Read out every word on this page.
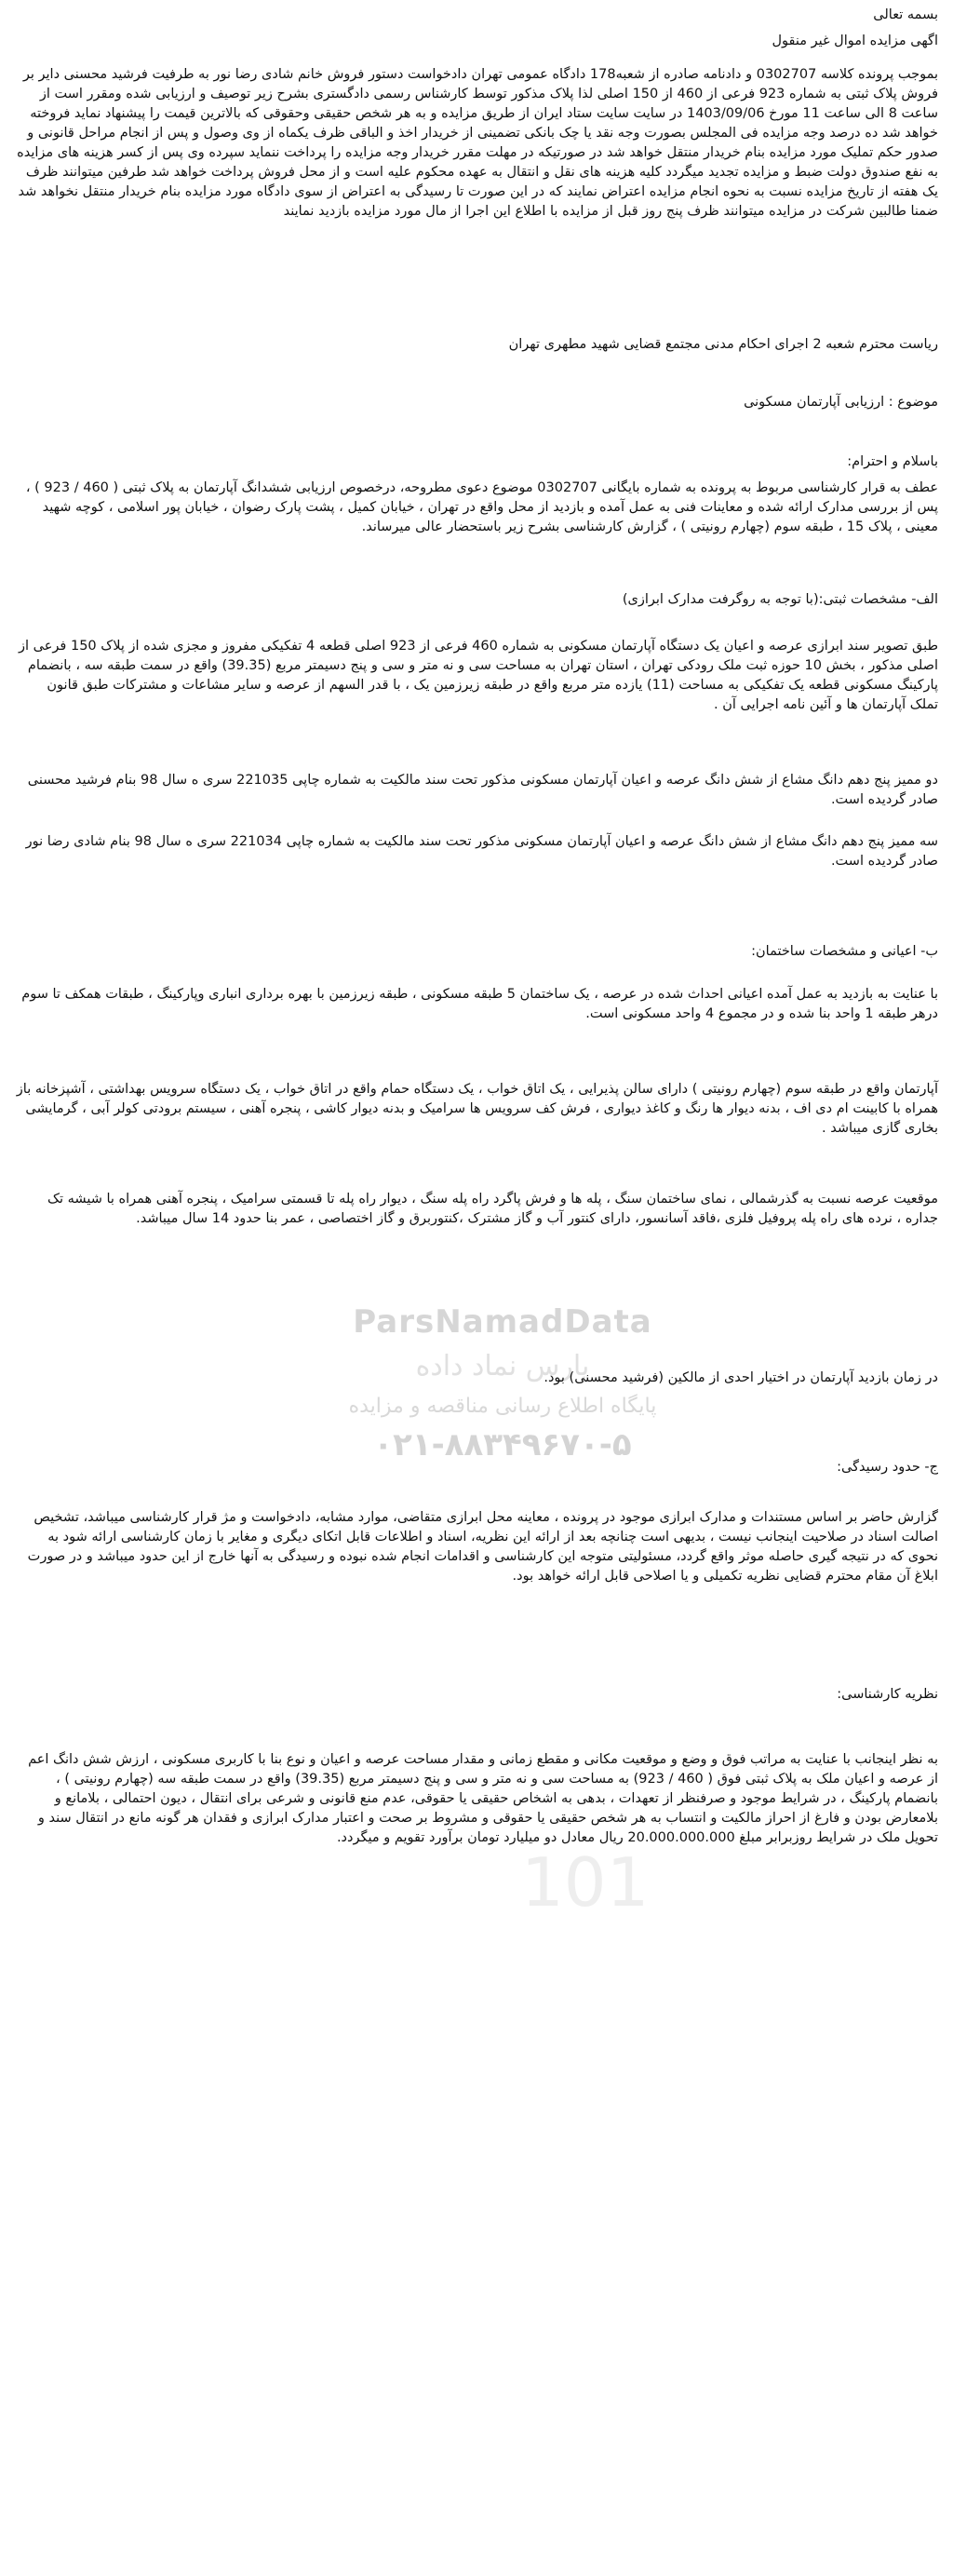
ParsNamadData
پارس نماد داده
پایگاه اطلاع رسانی مناقصه و مزایده
۰۲۱-۸۸۳۴۹۶۷۰-۵
101

بسمه تعالی

اگهی مزایده اموال غیر منقول

بموجب پرونده کلاسه 0302707 و دادنامه صادره از شعبه178 دادگاه عمومی تهران دادخواست دستور فروش خانم شادی رضا نور به طرفیت فرشید محسنی دایر بر فروش پلاک ثبتی به شماره 923 فرعی از 460 از 150 اصلی لذا پلاک مذکور توسط کارشناس رسمی دادگستری بشرح زیر توصیف و ارزیابی شده ومقرر است از ساعت 8 الی ساعت 11 مورخ 1403/09/06 در سایت سایت ستاد ایران از طریق مزایده و به هر شخص حقیقی وحقوقی که بالاترین قیمت را پیشنهاد نماید فروخته خواهد شد ده درصد وجه مزایده فی المجلس بصورت وجه نقد یا چک بانکی تضمینی از خریدار اخذ و الباقی ظرف یکماه از وی وصول و پس از انجام مراحل قانونی و صدور حکم تملیک مورد مزایده بنام خریدار منتقل خواهد شد در صورتیکه در مهلت مقرر خریدار وجه مزایده را پرداخت ننماید سپرده وی پس از کسر هزینه های مزایده به نفع صندوق دولت ضبط و مزایده تجدید میگردد کلیه هزینه های نقل و انتقال به عهده محکوم علیه است و از محل فروش پرداخت خواهد شد طرفین میتوانند ظرف یک هفته از تاریخ مزایده نسبت به نحوه انجام مزایده اعتراض نمایند که در این صورت تا رسیدگی به اعتراض از سوی دادگاه مورد مزایده بنام خریدار منتقل نخواهد شد ضمنا طالبین شرکت در مزایده میتوانند ظرف پنج روز قبل از مزایده با اطلاع این اجرا از مال مورد مزایده بازدید نمایند

ریاست محترم شعبه 2 اجرای احکام مدنی مجتمع قضایی شهید مطهری تهران

موضوع : ارزیابی آپارتمان مسکونی

باسلام و احترام:

عطف به قرار کارشناسی مربوط به پرونده به شماره بایگانی 0302707 موضوع دعوی مطروحه، درخصوص ارزیابی ششدانگ آپارتمان به پلاک ثبتی ( 460 / 923 ) ، پس از بررسی مدارک ارائه شده و معاینات فنی به عمل آمده و بازدید از محل واقع در تهران ، خیابان کمیل ، پشت پارک رضوان ، خیابان پور اسلامی ، کوچه شهید معینی ، پلاک 15 ، طبقه سوم (چهارم رونیتی ) ، گزارش کارشناسی بشرح زیر باستحضار عالی میرساند.

الف- مشخصات ثبتی:(با توجه به روگرفت مدارک ابرازی)

طبق تصویر سند ابرازی عرصه و اعیان یک دستگاه آپارتمان مسکونی به شماره 460 فرعی از 923 اصلی قطعه 4 تفکیکی مفروز و مجزی شده از پلاک 150 فرعی از اصلی مذکور ، بخش 10 حوزه ثبت ملک رودکی تهران ، استان تهران به مساحت سی و نه متر و سی و پنج دسیمتر مربع (39.35) واقع در سمت طبقه سه ، بانضمام پارکینگ مسکونی قطعه یک تفکیکی به مساحت (11) یازده متر مربع واقع در طبقه زیرزمین یک ، با قدر السهم از عرصه و سایر مشاعات و مشترکات طبق قانون تملک آپارتمان ها و آئین نامه اجرایی آن .

دو ممیز پنج دهم دانگ مشاع از شش دانگ عرصه و اعیان آپارتمان مسکونی مذکور تحت سند مالکیت به شماره چاپی 221035 سری ه سال 98 بنام فرشید محسنی صادر گردیده است.

سه ممیز پنج دهم دانگ مشاع از شش دانگ عرصه و اعیان آپارتمان مسکونی مذکور تحت سند مالکیت به شماره چاپی 221034 سری ه سال 98 بنام شادی رضا نور صادر گردیده است.

ب- اعیانی و مشخصات ساختمان:

با عنایت به بازدید به عمل آمده اعیانی احداث شده در عرصه ، یک ساختمان 5 طبقه مسکونی ، طبقه زیرزمین با بهره برداری انباری وپارکینگ ، طبقات همکف تا سوم درهر طبقه 1 واحد بنا شده و در مجموع 4 واحد مسکونی است.

آپارتمان واقع در طبقه سوم (چهارم رونیتی ) دارای سالن پذیرایی ، یک اتاق خواب ، یک دستگاه حمام واقع در اتاق خواب ، یک دستگاه سرویس بهداشتی ، آشپزخانه باز همراه با کابینت ام دی اف ، بدنه دیوار ها رنگ و کاغذ دیواری ، فرش کف سرویس ها سرامیک و بدنه دیوار کاشی ، پنجره آهنی ، سیستم برودتی کولر آبی ، گرمایشی بخاری گازی میباشد .

موقعیت عرصه نسبت به گذرشمالی ، نمای ساختمان سنگ ، پله ها و فرش پاگرد راه پله سنگ ، دیوار راه پله تا قسمتی سرامیک ، پنجره آهنی همراه با شیشه تک جداره ، نرده های راه پله پروفیل فلزی ،فاقد آسانسور، دارای کنتور آب و گاز مشترک ،کنتوربرق و گاز اختصاصی ، عمر بنا حدود 14 سال میباشد.

در زمان بازدید آپارتمان در اختیار احدی از مالکین (فرشید محسنی) بود.

ج- حدود رسیدگی:

گزارش حاضر بر اساس مستندات و مدارک ابرازی موجود در پرونده ، معاینه محل ابرازی متقاضی، موارد مشابه، دادخواست و مژ قرار کارشناسی میباشد، تشخیص اصالت اسناد در صلاحیت اینجانب نیست ، بدیهی است چنانچه بعد از ارائه این نظریه، اسناد و اطلاعات قابل اتکای دیگری و مغایر با زمان کارشناسی ارائه شود به نحوی که در نتیجه گیری حاصله موثر واقع گردد، مسئولیتی متوجه این کارشناسی و اقدامات انجام شده نبوده و رسیدگی به آنها خارج از این حدود میباشد و در صورت ابلاغ آن مقام محترم قضایی نظریه تکمیلی و یا اصلاحی قابل ارائه خواهد بود.

نظریه کارشناسی:

به نظر اینجانب با عنایت به مراتب فوق و وضع و موقعیت مکانی و مقطع زمانی و مقدار مساحت عرصه و اعیان و نوع بنا با کاربری مسکونی ، ارزش شش دانگ اعم از عرصه و اعیان ملک به پلاک ثبتی فوق ( 460 / 923) به مساحت سی و نه متر و سی و پنج دسیمتر مربع (39.35) واقع در سمت طبقه سه (چهارم رونیتی ) ، بانضمام پارکینگ ، در شرایط موجود و صرفنظر از تعهدات ، بدهی به اشخاص حقیقی یا حقوقی، عدم منع قانونی و شرعی برای انتقال ، دیون احتمالی ، بلامانع و بلامعارض بودن و فارغ از احراز مالکیت و انتساب به هر شخص حقیقی یا حقوقی و مشروط بر صحت و اعتبار مدارک ابرازی و فقدان هر گونه مانع در انتقال سند و تحویل ملک در شرایط روزبرابر مبلغ 20.000.000.000 ریال معادل دو میلیارد تومان برآورد تقویم و میگردد.
